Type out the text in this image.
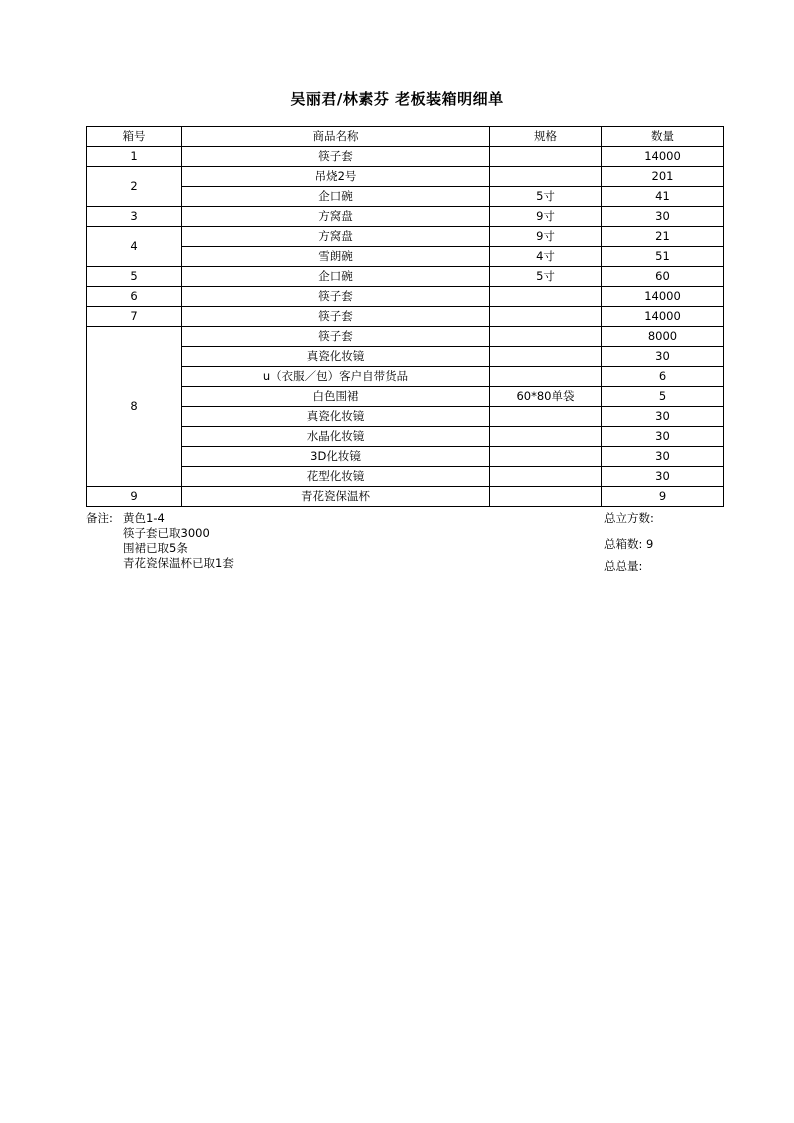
吴丽君/林素芬 老板装箱明细单
箱号	商品名称	规格	数量
1	筷子套		14000
2	吊烧2号		201
	企口碗	5寸	41
3	方窝盘	9寸	30
4	方窝盘	9寸	21
	雪朗碗	4寸	51
5	企口碗	5寸	60
6	筷子套		14000
7	筷子套		14000
8	筷子套		8000
	真瓷化妆镜		30
	u（衣服／包）客户自带货品		6
	白色围裙	60*80单袋	5
	真瓷化妆镜		30
	水晶化妆镜		30
	3D化妆镜		30
	花型化妆镜		30
9	青花瓷保温杯		9
备注: 黄色1-4
筷子套已取3000
围裙已取5条
青花瓷保温杯已取1套
总立方数:
总箱数: 9
总总量:
